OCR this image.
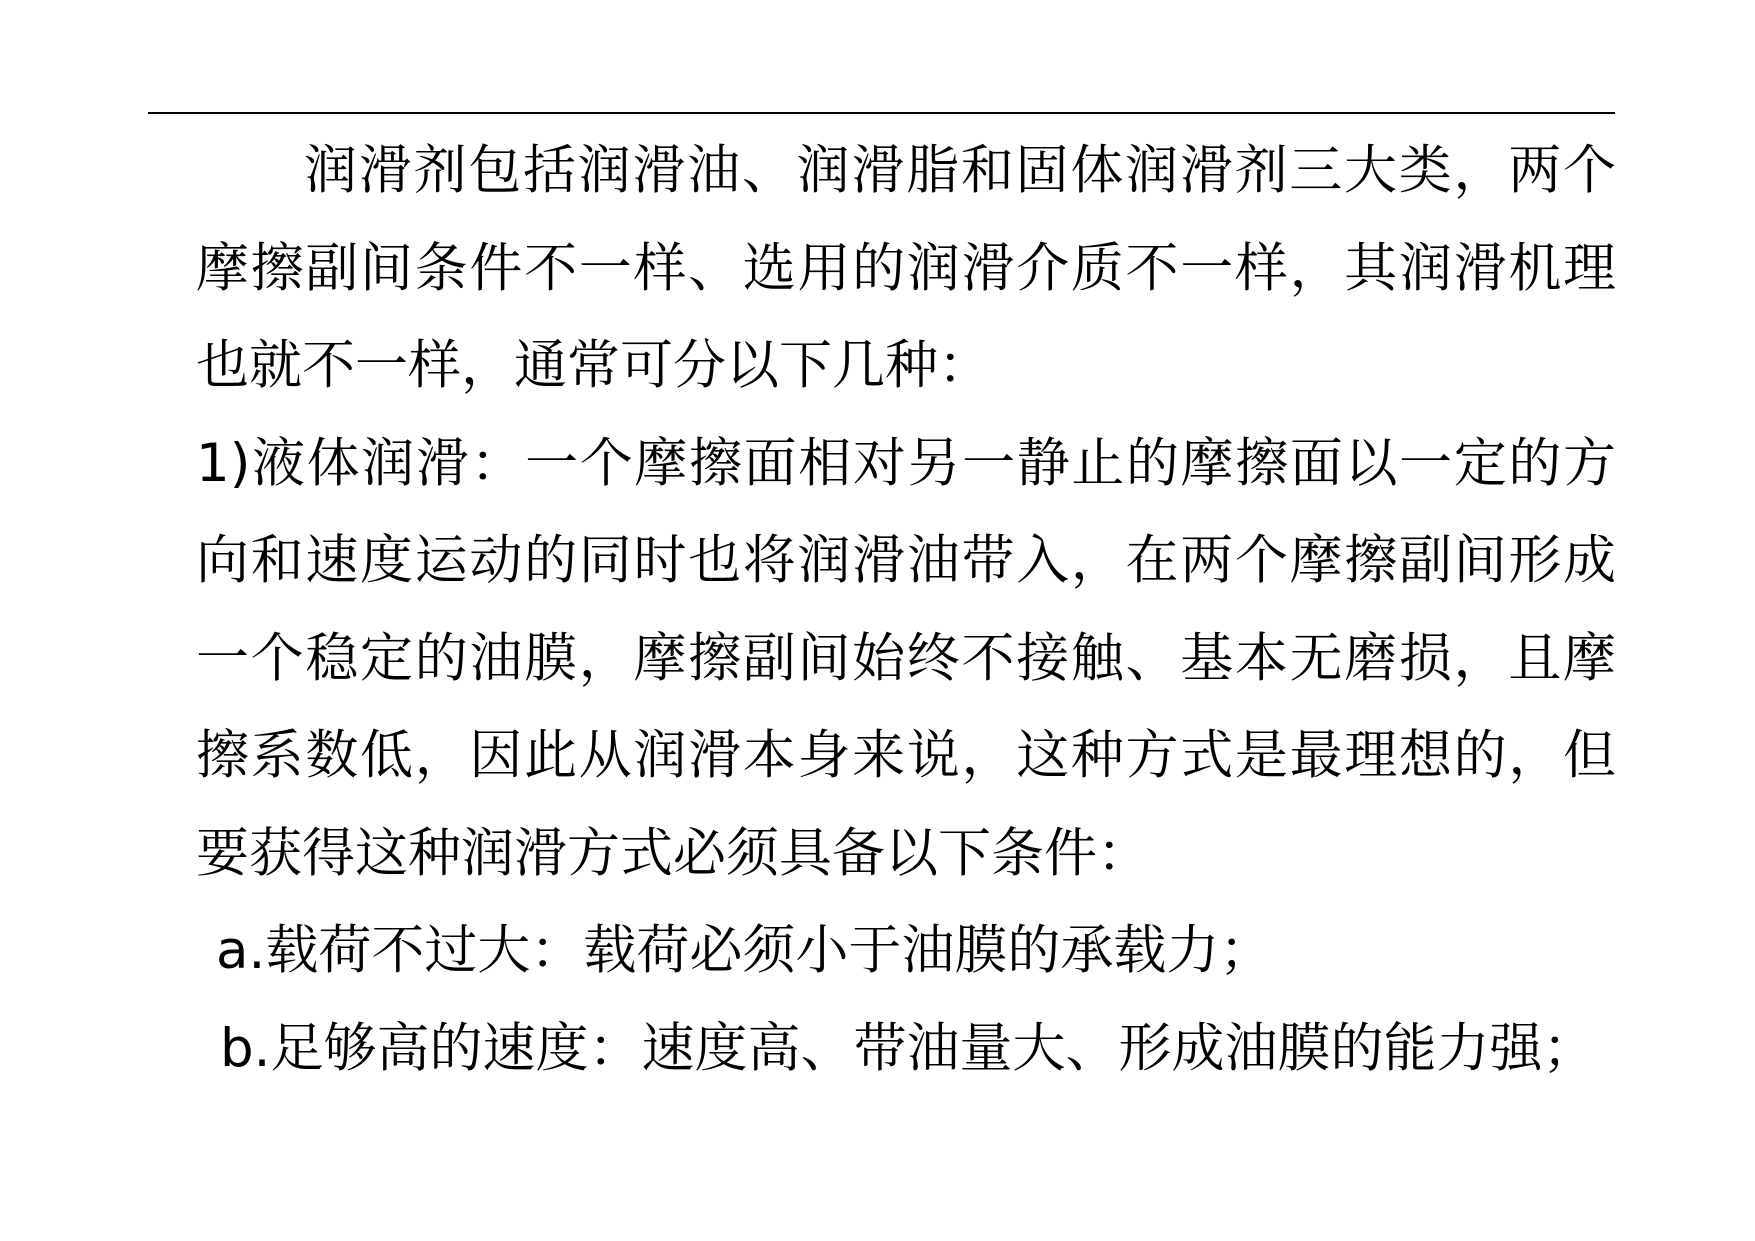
润滑剂包括润滑油、润滑脂和固体润滑剂三大类，两个
摩擦副间条件不一样、选用的润滑介质不一样，其润滑机理
也就不一样，通常可分以下几种：
1)液体润滑：一个摩擦面相对另一静止的摩擦面以一定的方
向和速度运动的同时也将润滑油带入，在两个摩擦副间形成
一个稳定的油膜，摩擦副间始终不接触、基本无磨损，且摩
擦系数低，因此从润滑本身来说，这种方式是最理想的，但
要获得这种润滑方式必须具备以下条件：
a.载荷不过大：载荷必须小于油膜的承载力；
b.足够高的速度：速度高、带油量大、形成油膜的能力强；
